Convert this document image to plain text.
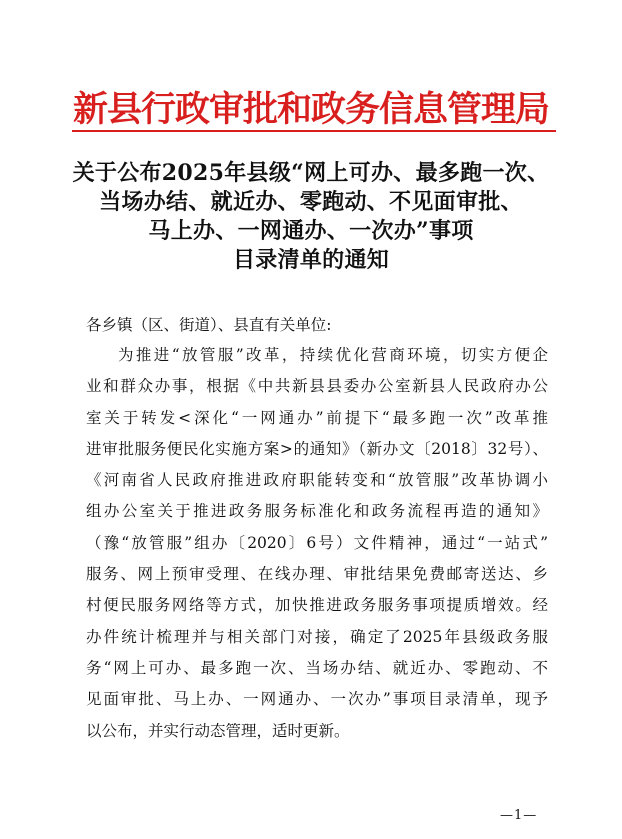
新县行政审批和政务信息管理局
关于公布2025年县级“网上可办、最多跑一次、
当场办结、就近办、零跑动、不见面审批、
马上办、一网通办、一次办”事项
目录清单的通知
各乡镇（区、街道）、县直有关单位:
为推进“放管服”改革，持续优化营商环境，切实方便企
业和群众办事，根据《中共新县县委办公室新县人民政府办公
室关于转发<深化“一网通办”前提下“最多跑一次”改革推
进审批服务便民化实施方案>的通知》（新办文〔2018〕32号）、
《河南省人民政府推进政府职能转变和“放管服”改革协调小
组办公室关于推进政务服务标准化和政务流程再造的通知》
（豫“放管服”组办〔2020〕6号）文件精神，通过“一站式”
服务、网上预审受理、在线办理、审批结果免费邮寄送达、乡
村便民服务网络等方式，加快推进政务服务事项提质增效。经
办件统计梳理并与相关部门对接，确定了2025年县级政务服
务“网上可办、最多跑一次、当场办结、就近办、零跑动、不
见面审批、马上办、一网通办、一次办”事项目录清单，现予
以公布，并实行动态管理，适时更新。
—1—
